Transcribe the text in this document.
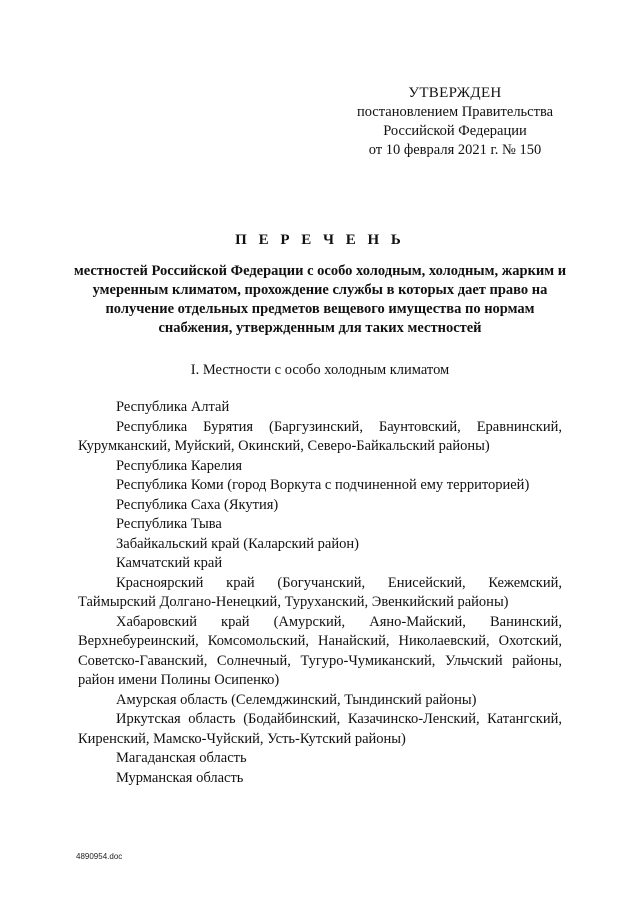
УТВЕРЖДЕН
постановлением Правительства
Российской Федерации
от 10 февраля 2021 г. № 150
П Е Р Е Ч Е Н Ь
местностей Российской Федерации с особо холодным, холодным, жарким и умеренным климатом, прохождение службы в которых дает право на получение отдельных предметов вещевого имущества по нормам снабжения, утвержденным для таких местностей
I. Местности с особо холодным климатом

Республика Алтай

Республика Бурятия (Баргузинский, Баунтовский, Еравнинский, Курумканский, Муйский, Окинский, Северо-Байкальский районы)

Республика Карелия

Республика Коми (город Воркута с подчиненной ему территорией)

Республика Саха (Якутия)

Республика Тыва

Забайкальский край (Каларский район)

Камчатский край

Красноярский край (Богучанский, Енисейский, Кежемский, Таймырский Долгано-Ненецкий, Туруханский, Эвенкийский районы)

Хабаровский край (Амурский, Аяно-Майский, Ванинский, Верхнебуреинский, Комсомольский, Нанайский, Николаевский, Охотский, Советско-Гаванский, Солнечный, Тугуро-Чумиканский, Ульчский районы, район имени Полины Осипенко)

Амурская область (Селемджинский, Тындинский районы)

Иркутская область (Бодайбинский, Казачинско-Ленский, Катангский, Киренский, Мамско-Чуйский, Усть-Кутский районы)

Магаданская область

Мурманская область

4890954.doc
